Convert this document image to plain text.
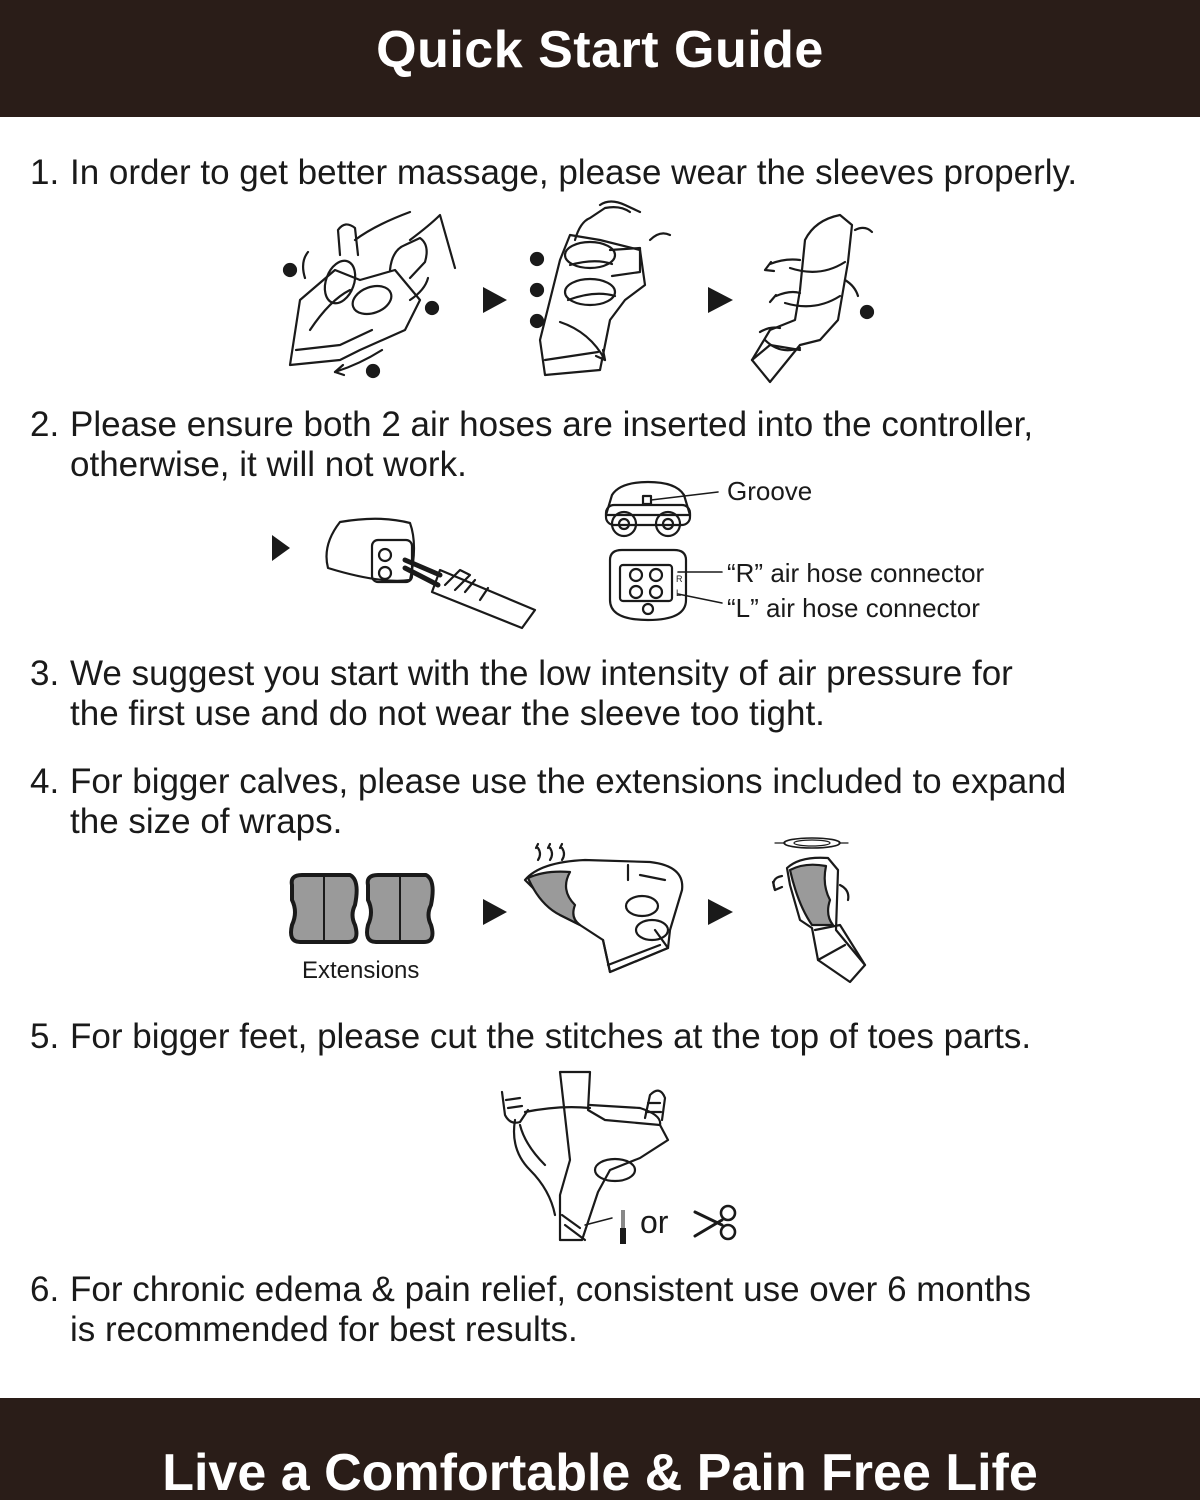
Quick Start Guide
1. In order to get better massage, please wear the sleeves properly.
2. Please ensure both 2 air hoses are inserted into the controller,
otherwise, it will not work.
3. We suggest you start with the low intensity of air pressure for
the first use and do not wear the sleeve too tight.
4. For bigger calves, please use the extensions included to expand
the size of wraps.
5. For bigger feet, please cut the stitches at the top of toes parts.
6. For chronic edema & pain relief, consistent use over 6 months
is recommended for best results.
Groove
R
L
“R” air hose connector
“L” air hose connector
Extensions
or
Live a Comfortable & Pain Free Life
